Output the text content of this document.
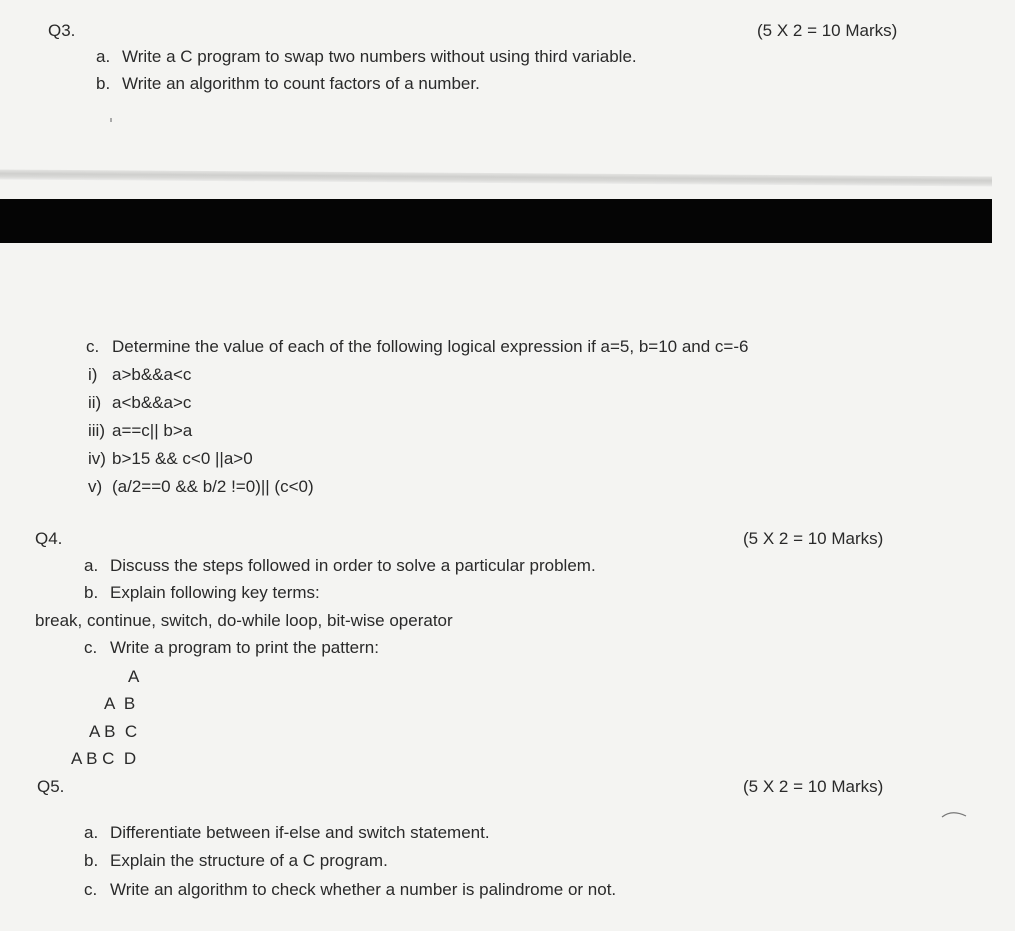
Q3.	(5 X 2 = 10 Marks)
a. Write a C program to swap two numbers without using third variable.
b. Write an algorithm to count factors of a number.
c. Determine the value of each of the following logical expression if a=5, b=10 and c=-6
i) a>b&&a<c
ii) a<b&&a>c
iii) a==c|| b>a
iv) b>15 && c<0 ||a>0
v) (a/2==0 && b/2 !=0)|| (c<0)
Q4.	(5 X 2 = 10 Marks)
a. Discuss the steps followed in order to solve a particular problem.
b. Explain following key terms:
break, continue, switch, do-while loop, bit-wise operator
c. Write a program to print the pattern:
A
A  B
A B  C
A B C  D
Q5.	(5 X 2 = 10 Marks)
a. Differentiate between if-else and switch statement.
b. Explain the structure of a C program.
c. Write an algorithm to check whether a number is palindrome or not.
